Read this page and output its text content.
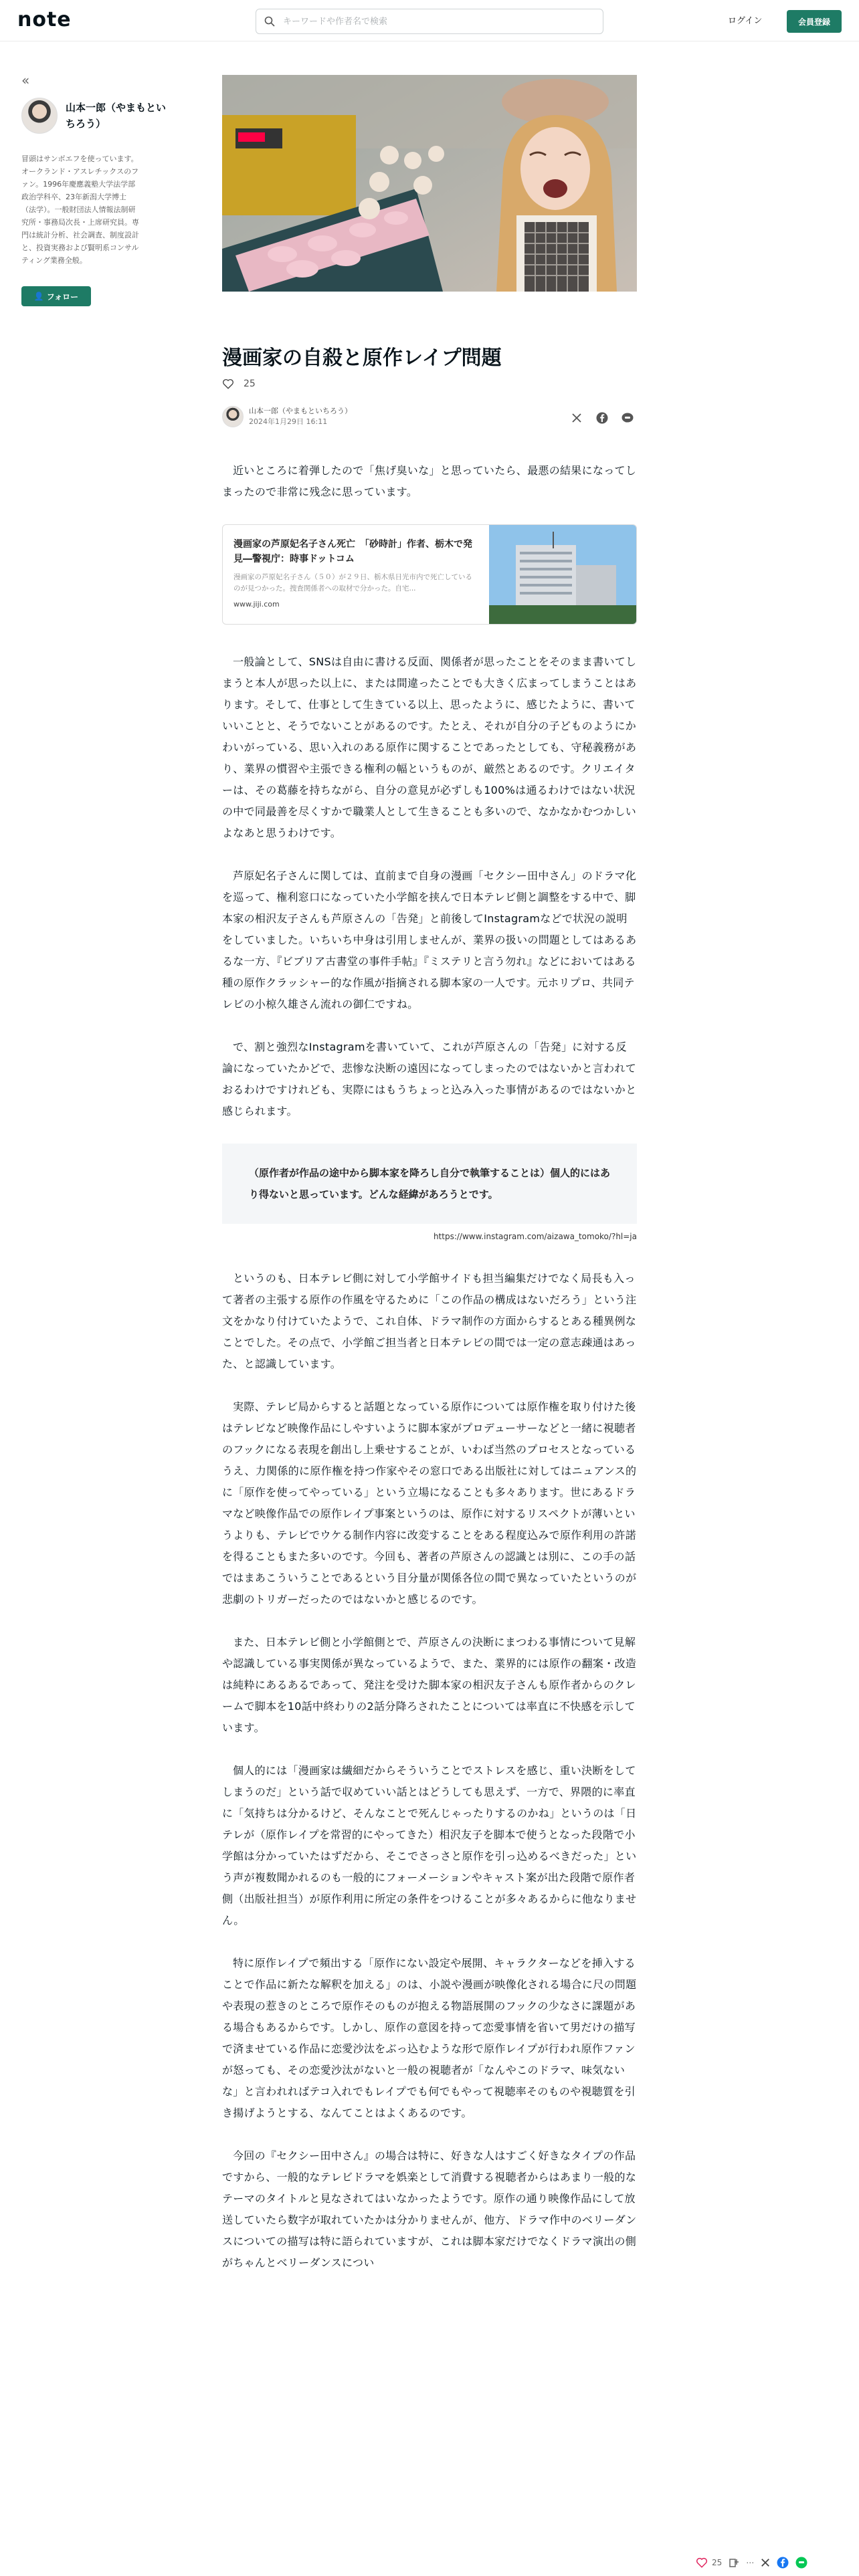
note
キーワードや作者名で検索	ログイン	会員登録
«
山本一郎（やまもといちろう）
冒頭はサンボエフを使っています。オークランド・アスレチックスのファン。1996年慶應義塾大学法学部政治学科卒、23年新潟大学博士（法学）。一般財団法人情報法制研究所・事務局次長・上席研究員。専門は統計分析、社会調査、制度設計と、投資実務および賢明系コンサルティング業務全般。
👤 フォロー
漫画家の自殺と原作レイプ問題
25
山本一郎（やまもといちろう）
2024年1月29日 16:11

近いところに着弾したので「焦げ臭いな」と思っていたら、最悪の結果になってしまったので非常に残念に思っています。

漫画家の芦原妃名子さん死亡　「砂時計」作者、栃木で発見―警視庁：時事ドットコム
漫画家の芦原妃名子さん（５０）が２９日、栃木県日光市内で死亡しているのが見つかった。捜査関係者への取材で分かった。自宅...
www.jiji.com

一般論として、SNSは自由に書ける反面、関係者が思ったことをそのまま書いてしまうと本人が思った以上に、または間違ったことでも大きく広まってしまうことはあります。そして、仕事として生きている以上、思ったように、感じたように、書いていいことと、そうでないことがあるのです。たとえ、それが自分の子どものようにかわいがっている、思い入れのある原作に関することであったとしても、守秘義務があり、業界の慣習や主張できる権利の幅というものが、厳然とあるのです。クリエイターは、その葛藤を持ちながら、自分の意見が必ずしも100%は通るわけではない状況の中で同最善を尽くすかで職業人として生きることも多いので、なかなかむつかしいよなあと思うわけです。

芦原妃名子さんに関しては、直前まで自身の漫画「セクシー田中さん」のドラマ化を巡って、権利窓口になっていた小学館を挟んで日本テレビ側と調整をする中で、脚本家の相沢友子さんも芦原さんの「告発」と前後してInstagramなどで状況の説明をしていました。いちいち中身は引用しませんが、業界の扱いの問題としてはあるあるな一方、『ビブリア古書堂の事件手帖』『ミステリと言う勿れ』などにおいてはある種の原作クラッシャー的な作風が指摘される脚本家の一人です。元ホリプロ、共同テレビの小椋久雄さん流れの御仁ですね。

で、割と強烈なInstagramを書いていて、これが芦原さんの「告発」に対する反論になっていたかどで、悲惨な決断の遠因になってしまったのではないかと言われておるわけですけれども、実際にはもうちょっと込み入った事情があるのではないかと感じられます。

（原作者が作品の途中から脚本家を降ろし自分で執筆することは）個人的にはあり得ないと思っています。どんな経緯があろうとです。
https://www.instagram.com/aizawa_tomoko/?hl=ja

というのも、日本テレビ側に対して小学館サイドも担当編集だけでなく局長も入って著者の主張する原作の作風を守るために「この作品の構成はないだろう」という注文をかなり付けていたようで、これ自体、ドラマ制作の方面からするとある種異例なことでした。その点で、小学館ご担当者と日本テレビの間では一定の意志疎通はあった、と認識しています。

実際、テレビ局からすると話題となっている原作については原作権を取り付けた後はテレビなど映像作品にしやすいように脚本家がプロデューサーなどと一緒に視聴者のフックになる表現を創出し上乗せすることが、いわば当然のプロセスとなっているうえ、力関係的に原作権を持つ作家やその窓口である出版社に対してはニュアンス的に「原作を使ってやっている」という立場になることも多々あります。世にあるドラマなど映像作品での原作レイプ事案というのは、原作に対するリスペクトが薄いというよりも、テレビでウケる制作内容に改変することをある程度込みで原作利用の許諾を得ることもまた多いのです。今回も、著者の芦原さんの認識とは別に、この手の話ではまあこういうことであるという目分量が関係各位の間で異なっていたというのが悲劇のトリガーだったのではないかと感じるのです。

また、日本テレビ側と小学館側とで、芦原さんの決断にまつわる事情について見解や認識している事実関係が異なっているようで、また、業界的には原作の翻案・改造は純粋にあるあるであって、発注を受けた脚本家の相沢友子さんも原作者からのクレームで脚本を10話中終わりの2話分降ろされたことについては率直に不快感を示しています。

個人的には「漫画家は繊細だからそういうことでストレスを感じ、重い決断をしてしまうのだ」という話で収めていい話とはどうしても思えず、一方で、界隈的に率直に「気持ちは分かるけど、そんなことで死んじゃったりするのかね」というのは「日テレが（原作レイプを常習的にやってきた）相沢友子を脚本で使うとなった段階で小学館は分かっていたはずだから、そこでさっさと原作を引っ込めるべきだった」という声が複数聞かれるのも一般的にフォーメーションやキャスト案が出た段階で原作者側（出版社担当）が原作利用に所定の条件をつけることが多々あるからに他なりません。

特に原作レイプで頻出する「原作にない設定や展開、キャラクターなどを挿入することで作品に新たな解釈を加える」のは、小説や漫画が映像化される場合に尺の問題や表現の惹きのところで原作そのものが抱える物語展開のフックの少なさに課題がある場合もあるからです。しかし、原作の意図を持って恋愛事情を省いて男だけの描写で済ませている作品に恋愛沙汰をぶっ込むような形で原作レイプが行われ原作ファンが怒っても、その恋愛沙汰がないと一般の視聴者が「なんやこのドラマ、味気ないな」と言われればテコ入れでもレイプでも何でもやって視聴率そのものや視聴質を引き揚げようとする、なんてことはよくあるのです。

今回の『セクシー田中さん』の場合は特に、好きな人はすごく好きなタイプの作品ですから、一般的なテレビドラマを娯楽として消費する視聴者からはあまり一般的なテーマのタイトルと見なされてはいなかったようです。原作の通り映像作品にして放送していたら数字が取れていたかは分かりませんが、他方、ドラマ作中のベリーダンスについての描写は特に語られていますが、これは脚本家だけでなくドラマ演出の側がちゃんとベリーダンスについ

25	⋯
